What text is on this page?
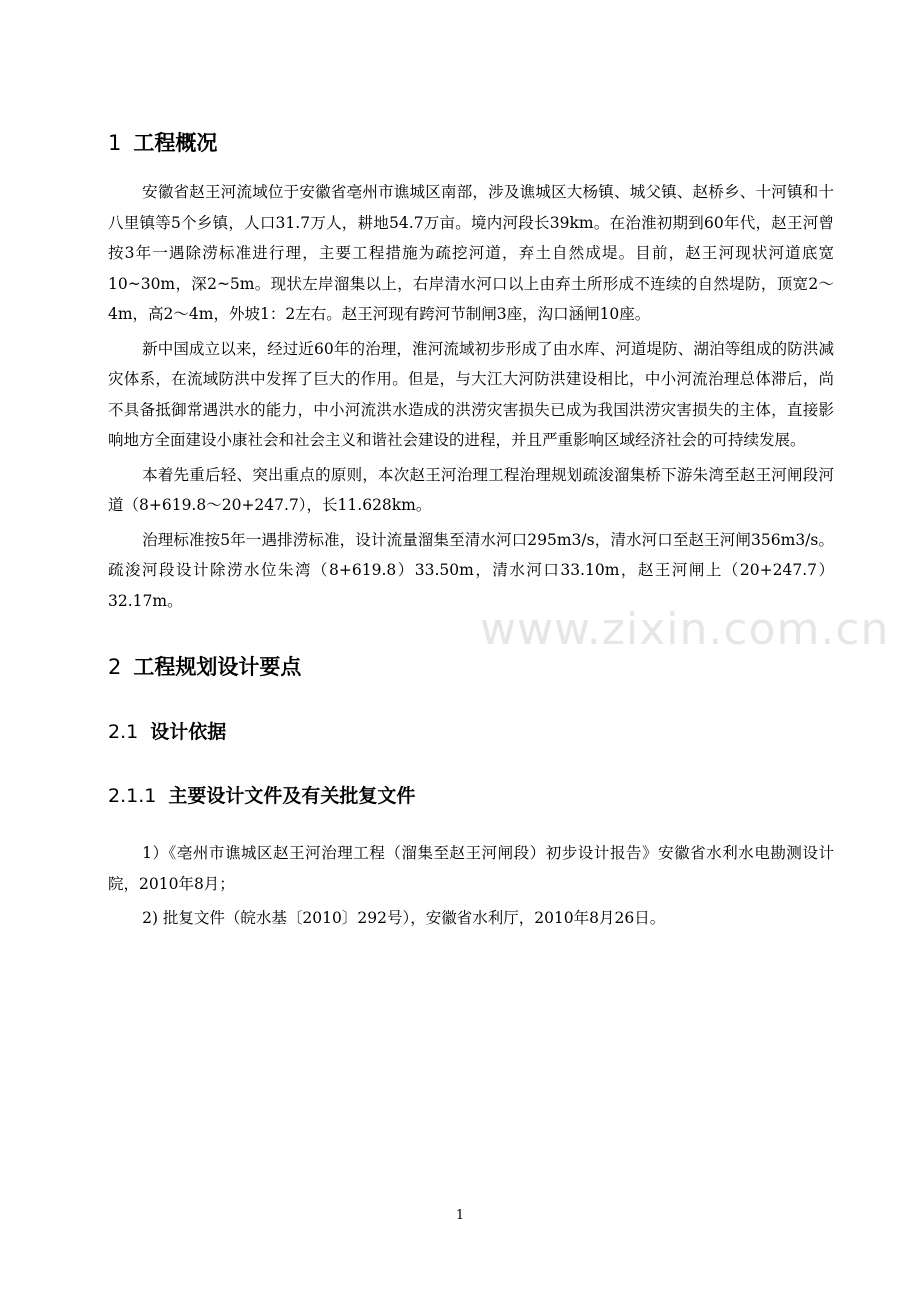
www.zixin.com.cn
1 工程概况

安徽省赵王河流域位于安徽省亳州市谯城区南部，涉及谯城区大杨镇、城父镇、赵桥乡、十河镇和十八里镇等5个乡镇，人口31.7万人，耕地54.7万亩。境内河段长39km。在治淮初期到60年代，赵王河曾按3年一遇除涝标准进行理，主要工程措施为疏挖河道，弃土自然成堤。目前，赵王河现状河道底宽10~30m，深2~5m。现状左岸溜集以上，右岸清水河口以上由弃土所形成不连续的自然堤防，顶宽2～4m，高2～4m，外坡1：2左右。赵王河现有跨河节制闸3座，沟口涵闸10座。

新中国成立以来，经过近60年的治理，淮河流域初步形成了由水库、河道堤防、湖泊等组成的防洪减灾体系，在流域防洪中发挥了巨大的作用。但是，与大江大河防洪建设相比，中小河流治理总体滞后，尚不具备抵御常遇洪水的能力，中小河流洪水造成的洪涝灾害损失已成为我国洪涝灾害损失的主体，直接影响地方全面建设小康社会和社会主义和谐社会建设的进程，并且严重影响区域经济社会的可持续发展。

本着先重后轻、突出重点的原则，本次赵王河治理工程治理规划疏浚溜集桥下游朱湾至赵王河闸段河道（8+619.8～20+247.7），长11.628km。

治理标准按5年一遇排涝标准，设计流量溜集至清水河口295m3/s，清水河口至赵王河闸356m3/s。疏浚河段设计除涝水位朱湾（8+619.8）33.50m，清水河口33.10m，赵王河闸上（20+247.7）32.17m。

2 工程规划设计要点
2.1 设计依据
2.1.1 主要设计文件及有关批复文件

1）《亳州市谯城区赵王河治理工程（溜集至赵王河闸段）初步设计报告》安徽省水利水电勘测设计院，2010年8月；

2) 批复文件（皖水基〔2010〕292号），安徽省水利厅，2010年8月26日。

1
